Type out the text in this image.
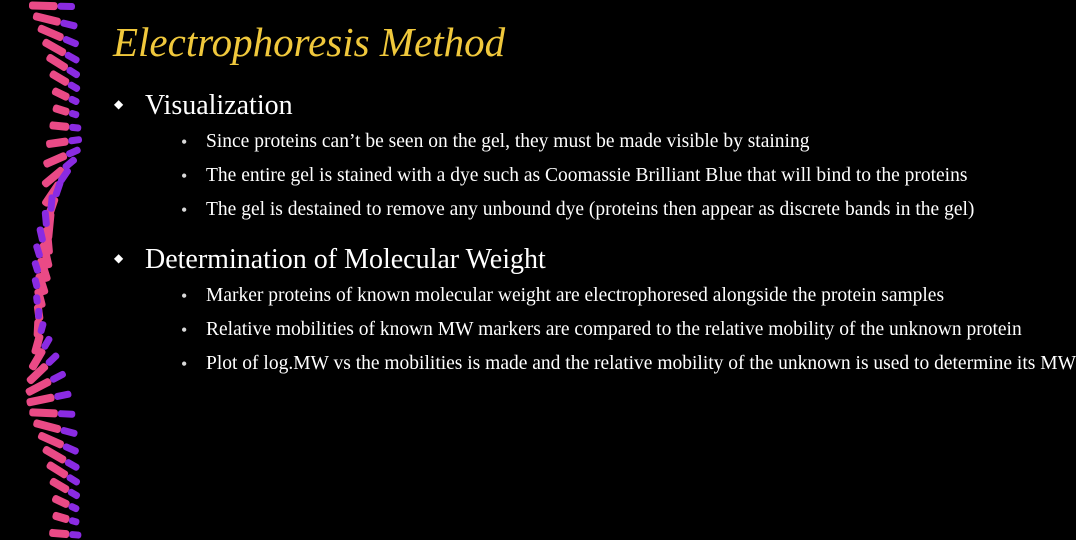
Electrophoresis Method
◆ Visualization
• Since proteins can’t be seen on the gel, they must be made visible by staining
• The entire gel is stained with a dye such as Coomassie Brilliant Blue that will bind to the proteins
• The gel is destained to remove any unbound dye (proteins then appear as discrete bands in the gel)
◆ Determination of Molecular Weight
• Marker proteins of known molecular weight are electrophoresed alongside the protein samples
• Relative mobilities of known MW markers are compared to the relative mobility of the unknown protein
• Plot of log.MW vs the mobilities is made and the relative mobility of the unknown is used to determine its MW
